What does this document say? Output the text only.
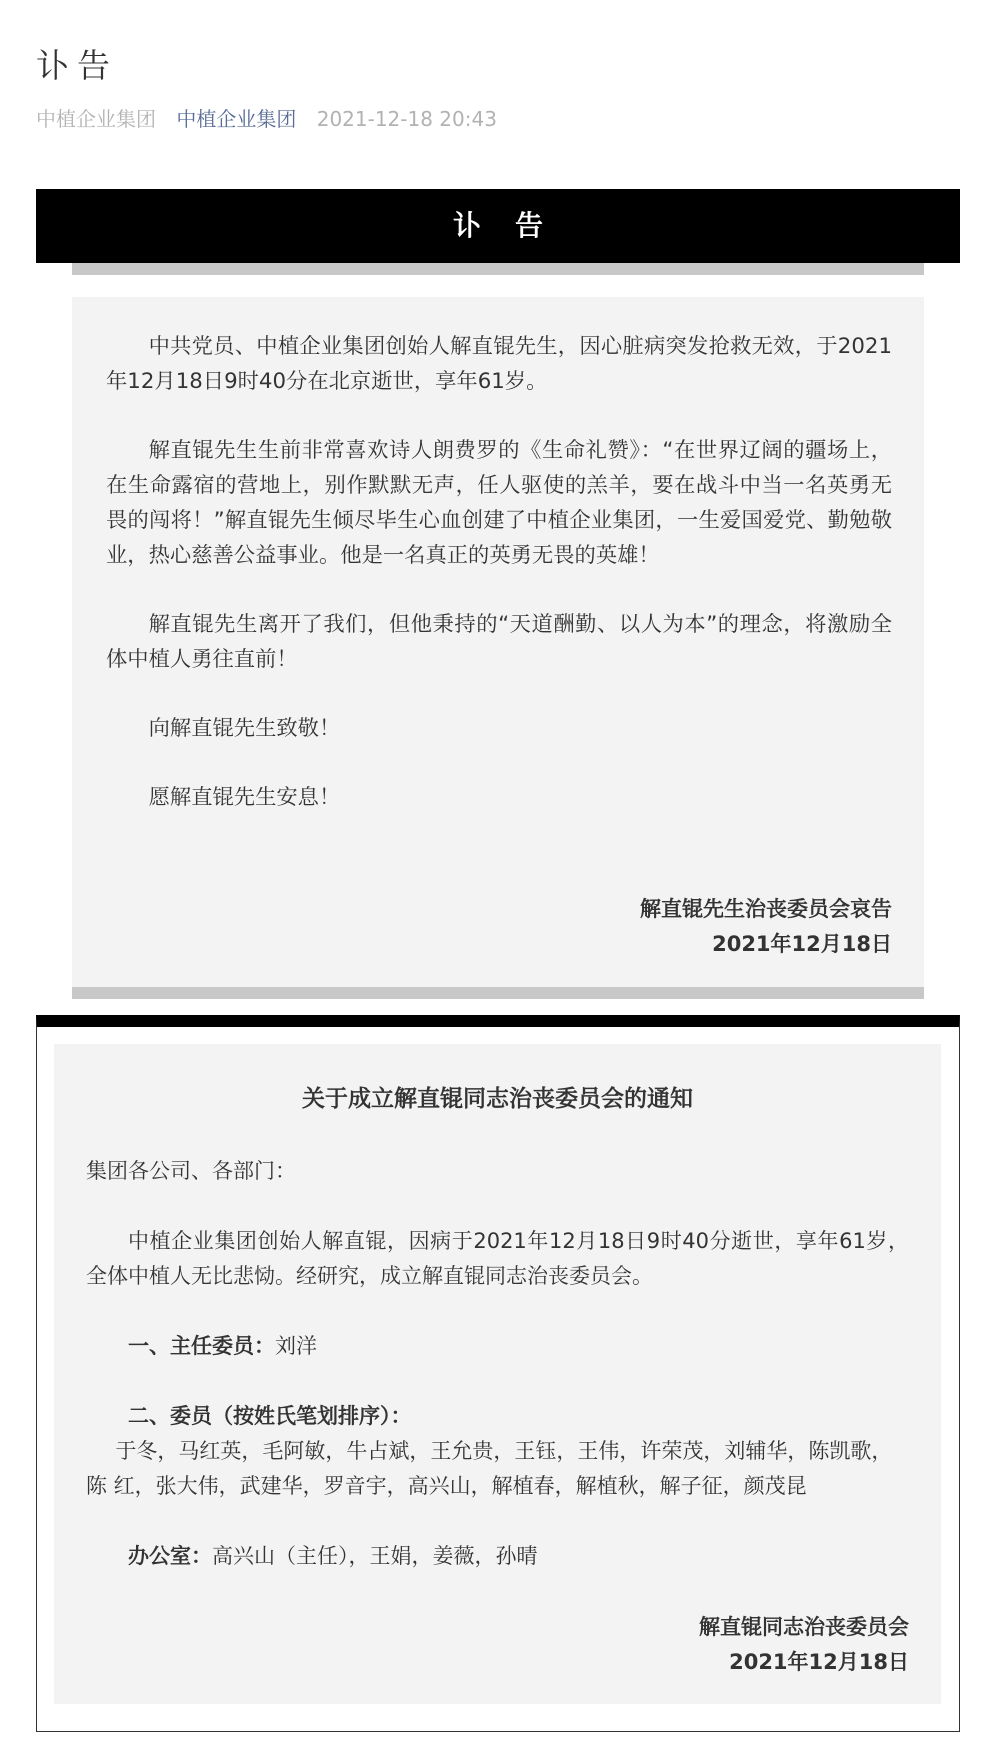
讣告
中植企业集团 中植企业集团 2021-12-18 20:43
讣告

中共党员、中植企业集团创始人解直锟先生，因心脏病突发抢救无效，于2021年12月18日9时40分在北京逝世，享年61岁。

解直锟先生生前非常喜欢诗人朗费罗的《生命礼赞》：“在世界辽阔的疆场上，在生命露宿的营地上，别作默默无声，任人驱使的羔羊，要在战斗中当一名英勇无畏的闯将！”解直锟先生倾尽毕生心血创建了中植企业集团，一生爱国爱党、勤勉敬业，热心慈善公益事业。他是一名真正的英勇无畏的英雄！

解直锟先生离开了我们，但他秉持的“天道酬勤、以人为本”的理念，将激励全体中植人勇往直前！

向解直锟先生致敬！

愿解直锟先生安息！

解直锟先生治丧委员会哀告
2021年12月18日
关于成立解直锟同志治丧委员会的通知

集团各公司、各部门：

中植企业集团创始人解直锟，因病于2021年12月18日9时40分逝世，享年61岁，全体中植人无比悲恸。经研究，成立解直锟同志治丧委员会。

一、主任委员：刘洋

二、委员（按姓氏笔划排序）：

于冬，马红英，毛阿敏，牛占斌，王允贵，王钰，王伟，许荣茂，刘辅华，陈凯歌，

陈 红，张大伟，武建华，罗音宇，高兴山，解植春，解植秋，解子征，颜茂昆

办公室：高兴山（主任），王娟，姜薇，孙晴

解直锟同志治丧委员会
2021年12月18日
